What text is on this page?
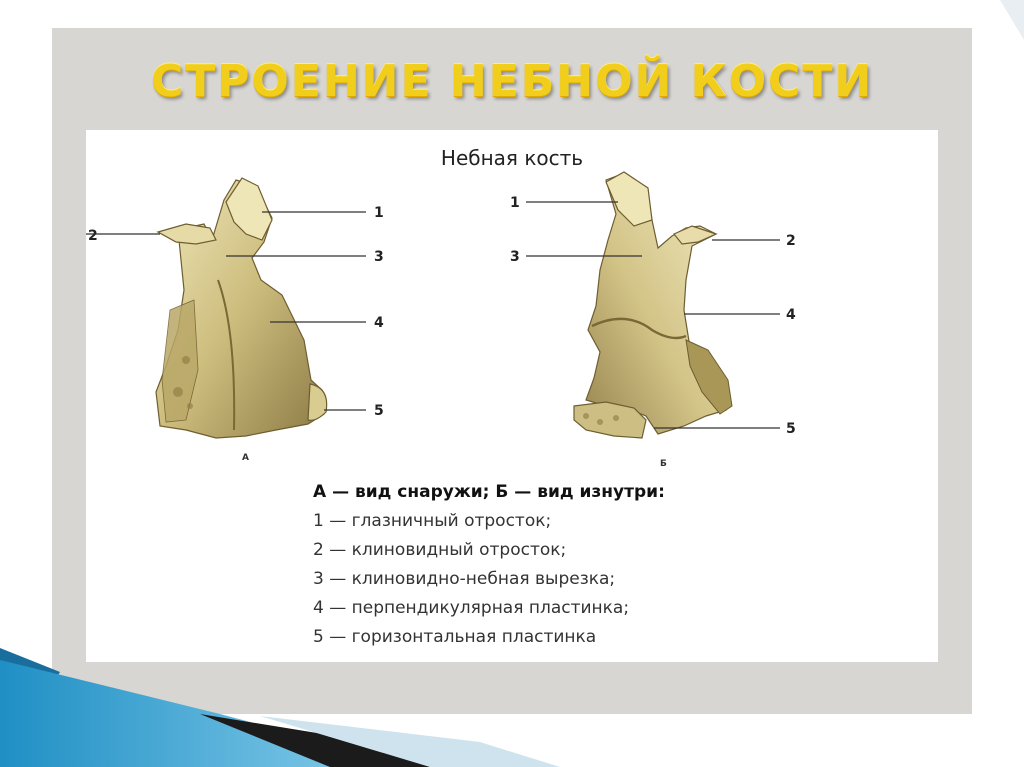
СТРОЕНИЕ НЕБНОЙ КОСТИ
Небная кость
1
2
3
4
5
А
1
2
3
4
5
Б
А — вид снаружи; Б — вид изнутри:
1 — глазничный отросток;
2 — клиновидный отросток;
3 — клиновидно-небная вырезка;
4 — перпендикулярная пластинка;
5 — горизонтальная пластинка
